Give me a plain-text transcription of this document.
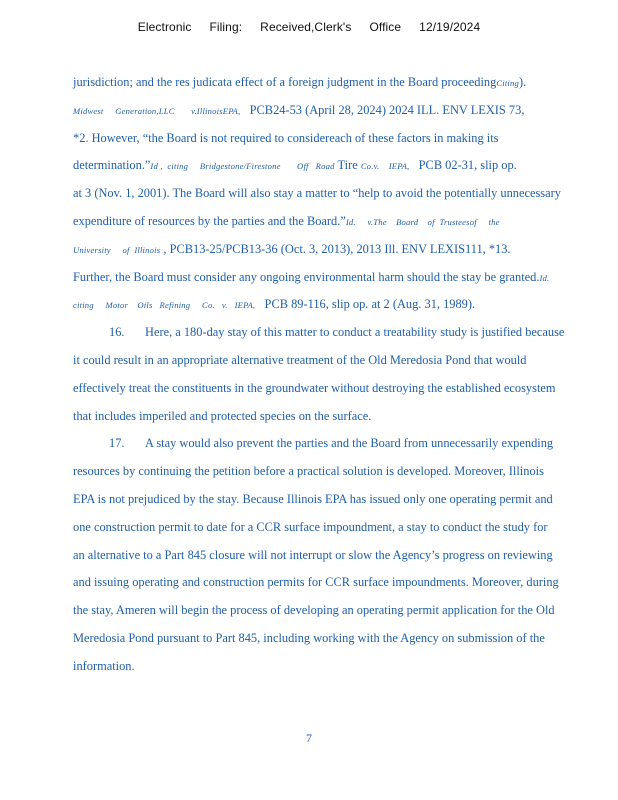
Electronic Filing: Received,Clerk's Office 12/19/2024
jurisdiction; and the res judicata effect of a foreign judgment in the Board proceedingCiting).
Midwest     Generation,LLC       v.IllinoisEPA,   PCB24-53 (April 28, 2024) 2024 ILL. ENV LEXIS 73,
*2. However, “the Board is not required to considereach of these factors in making its
determination.”Id ,  citing     Bridgestone/Firestone       Off   Road Tire Co.v.    IEPA,   PCB 02-31, slip op.
at 3 (Nov. 1, 2001). The Board will also stay a matter to “help to avoid the potentially unnecessary
expenditure of resources by the parties and the Board.”Id.     v.The    Board    of  Trusteesof     the
University     of  Illinois , PCB13-25/PCB13-36 (Oct. 3, 2013), 2013 Ill. ENV LEXIS111, *13.
Further, the Board must consider any ongoing environmental harm should the stay be granted.Id.
citing     Motor    Oils   Refining     Co.   v.   IEPA,   PCB 89-116, slip op. at 2 (Aug. 31, 1989).
16. Here, a 180-day stay of this matter to conduct a treatability study is justified because
it could result in an appropriate alternative treatment of the Old Meredosia Pond that would
effectively treat the constituents in the groundwater without destroying the established ecosystem
that includes imperiled and protected species on the surface.
17. A stay would also prevent the parties and the Board from unnecessarily expending
resources by continuing the petition before a practical solution is developed. Moreover, Illinois
EPA is not prejudiced by the stay. Because Illinois EPA has issued only one operating permit and
one construction permit to date for a CCR surface impoundment, a stay to conduct the study for
an alternative to a Part 845 closure will not interrupt or slow the Agency’s progress on reviewing
and issuing operating and construction permits for CCR surface impoundments. Moreover, during
the stay, Ameren will begin the process of developing an operating permit application for the Old
Meredosia Pond pursuant to Part 845, including working with the Agency on submission of the
information.
7
